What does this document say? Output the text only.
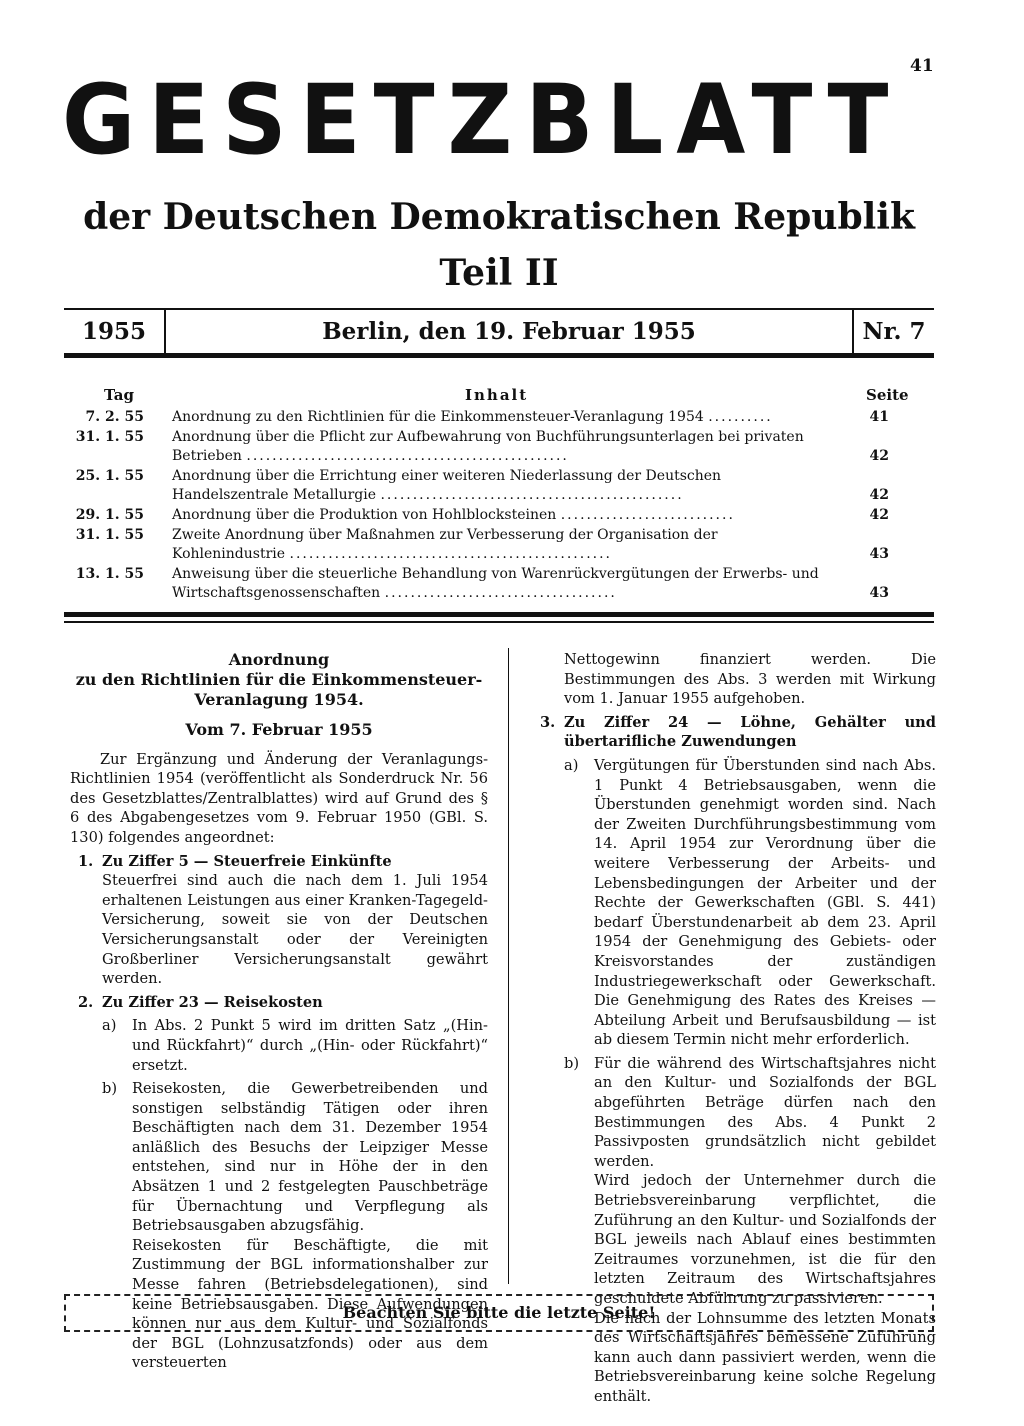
41
GESETZBLATT
der Deutschen Demokratischen Republik
Teil II
1955	Berlin, den 19. Februar 1955	Nr. 7
Tag	Inhalt	Seite
7. 2. 55 Anordnung zu den Richtlinien für die Einkommensteuer-Veranlagung 1954 ..........	41
31. 1. 55 Anordnung über die Pflicht zur Aufbewahrung von Buchführungsunterlagen bei privaten Betrieben ..................................................	42
25. 1. 55 Anordnung über die Errichtung einer weiteren Niederlassung der Deutschen Handelszentrale Metallurgie ...............................................	42
29. 1. 55 Anordnung über die Produktion von Hohlblocksteinen ...........................	42
31. 1. 55 Zweite Anordnung über Maßnahmen zur Verbesserung der Organisation der Kohlenindustrie ..................................................	43
13. 1. 55 Anweisung über die steuerliche Behandlung von Warenrückvergütungen der Erwerbs- und Wirtschaftsgenossenschaften ....................................	43
Anordnung
zu den Richtlinien für die Einkommensteuer-
Veranlagung 1954.
Vom 7. Februar 1955

Zur Ergänzung und Änderung der Veranlagungs-Richtlinien 1954 (veröffentlicht als Sonderdruck Nr. 56 des Gesetzblattes/Zentralblattes) wird auf Grund des § 6 des Abgabengesetzes vom 9. Februar 1950 (GBl. S. 130) folgendes angeordnet:

1. Zu Ziffer 5 — Steuerfreie Einkünfte

Steuerfrei sind auch die nach dem 1. Juli 1954 erhaltenen Leistungen aus einer Kranken-Tagegeld-Versicherung, soweit sie von der Deutschen Versicherungsanstalt oder der Vereinigten Großberliner Versicherungsanstalt gewährt werden.

2. Zu Ziffer 23 — Reisekosten
a) In Abs. 2 Punkt 5 wird im dritten Satz „(Hin- und Rückfahrt)“ durch „(Hin- oder Rückfahrt)“ ersetzt.

b) Reisekosten, die Gewerbetreibenden und sonstigen selbständig Tätigen oder ihren Beschäftigten nach dem 31. Dezember 1954 anläßlich des Besuchs der Leipziger Messe entstehen, sind nur in Höhe der in den Absätzen 1 und 2 festgelegten Pauschbeträge für Übernachtung und Verpflegung als Betriebsausgaben abzugsfähig.

Reisekosten für Beschäftigte, die mit Zustimmung der BGL informationshalber zur Messe fahren (Betriebsdelegationen), sind keine Betriebsausgaben. Diese Aufwendungen können nur aus dem Kultur- und Sozialfonds der BGL (Lohnzusatzfonds) oder aus dem versteuerten

Nettogewinn finanziert werden. Die Bestimmungen des Abs. 3 werden mit Wirkung vom 1. Januar 1955 aufgehoben.

3. Zu Ziffer 24 — Löhne, Gehälter und übertarifliche Zuwendungen
a) Vergütungen für Überstunden sind nach Abs. 1 Punkt 4 Betriebsausgaben, wenn die Überstunden genehmigt worden sind. Nach der Zweiten Durchführungsbestimmung vom 14. April 1954 zur Verordnung über die weitere Verbesserung der Arbeits- und Lebensbedingungen der Arbeiter und der Rechte der Gewerkschaften (GBl. S. 441) bedarf Überstundenarbeit ab dem 23. April 1954 der Genehmigung des Gebiets- oder Kreisvorstandes der zuständigen Industriegewerkschaft oder Gewerkschaft. Die Genehmigung des Rates des Kreises — Abteilung Arbeit und Berufsausbildung — ist ab diesem Termin nicht mehr erforderlich.

b) Für die während des Wirtschaftsjahres nicht an den Kultur- und Sozialfonds der BGL abgeführten Beträge dürfen nach den Bestimmungen des Abs. 4 Punkt 2 Passivposten grundsätzlich nicht gebildet werden.

Wird jedoch der Unternehmer durch die Betriebsvereinbarung verpflichtet, die Zuführung an den Kultur- und Sozialfonds der BGL jeweils nach Ablauf eines bestimmten Zeitraumes vorzunehmen, ist die für den letzten Zeitraum des Wirtschaftsjahres geschuldete Abführung zu passivieren.

Die nach der Lohnsumme des letzten Monats des Wirtschaftsjahres bemessene Zuführung kann auch dann passiviert werden, wenn die Betriebsvereinbarung keine solche Regelung enthält.

Beachten Sie bitte die letzte Seite!
